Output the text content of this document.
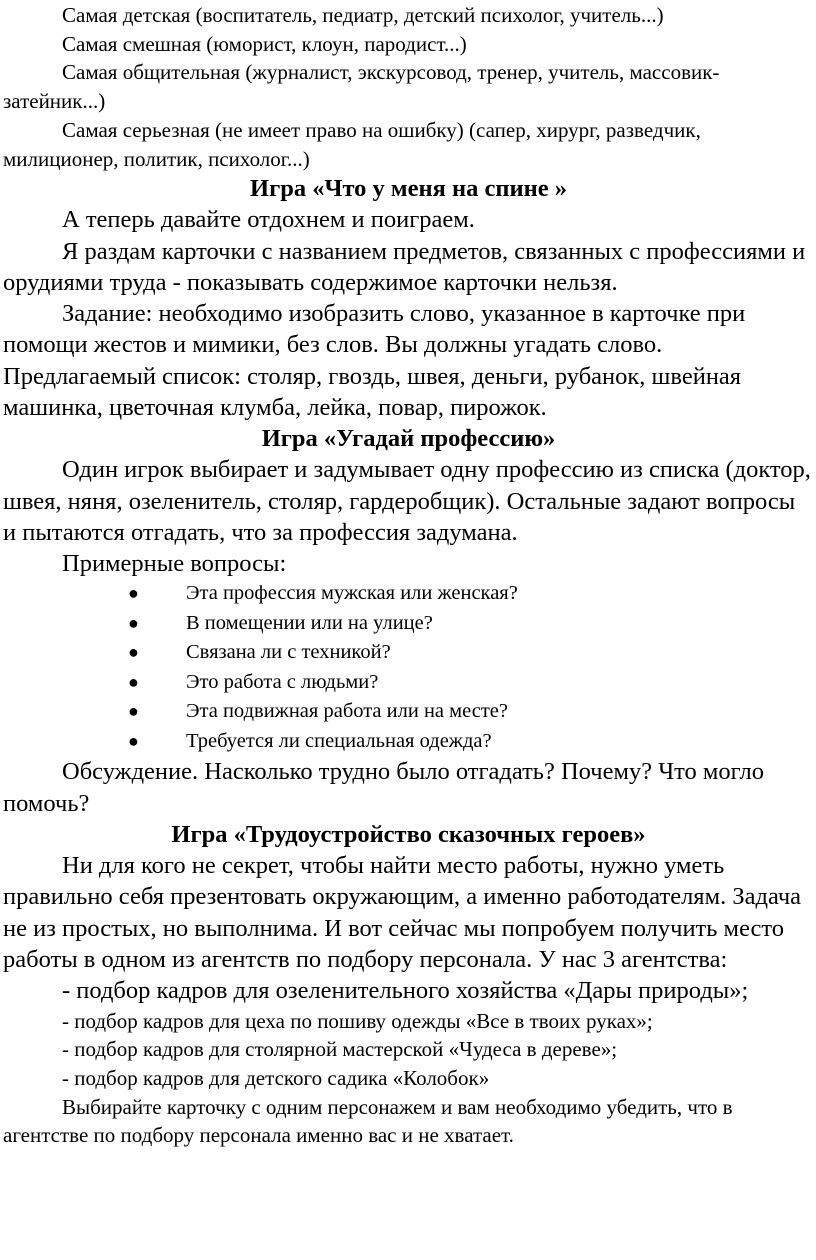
Самая детская (воспитатель, педиатр, детский психолог, учитель...)

Самая смешная (юморист, клоун, пародист...)

Самая общительная (журналист, экскурсовод, тренер, учитель, массовик-затейник...)

Самая серьезная (не имеет право на ошибку) (сапер, хирург, разведчик, милиционер, политик, психолог...)

Игра «Что у меня на спине »

А теперь давайте отдохнем и поиграем.

Я раздам карточки с названием предметов, связанных с профессиями и орудиями труда - показывать содержимое карточки нельзя.

Задание: необходимо изобразить слово, указанное в карточке при помощи жестов и мимики, без слов. Вы должны угадать слово. Предлагаемый список: столяр, гвоздь, швея, деньги, рубанок, швейная машинка, цветочная клумба, лейка, повар, пирожок.

Игра «Угадай профессию»

Один игрок выбирает и задумывает одну профессию из списка (доктор, швея, няня, озеленитель, столяр, гардеробщик). Остальные задают вопросы и пытаются отгадать, что за профессия задумана.

Примерные вопросы:

● Эта профессия мужская или женская?
● В помещении или на улице?
● Связана ли с техникой?
● Это работа с людьми?
● Эта подвижная работа или на месте?
● Требуется ли специальная одежда?

Обсуждение. Насколько трудно было отгадать? Почему? Что могло помочь?

Игра «Трудоустройство сказочных героев»

Ни для кого не секрет, чтобы найти место работы, нужно уметь правильно себя презентовать окружающим, а именно работодателям. Задача не из простых, но выполнима. И вот сейчас мы попробуем получить место работы в одном из агентств по подбору персонала. У нас 3 агентства:

- подбор кадров для озеленительного хозяйства «Дары природы»;

- подбор кадров для цеха по пошиву одежды «Все в твоих руках»;

- подбор кадров для столярной мастерской «Чудеса в дереве»;

- подбор кадров для детского садика «Колобок»

Выбирайте карточку с одним персонажем и вам необходимо убедить, что в агентстве по подбору персонала именно вас и не хватает.
